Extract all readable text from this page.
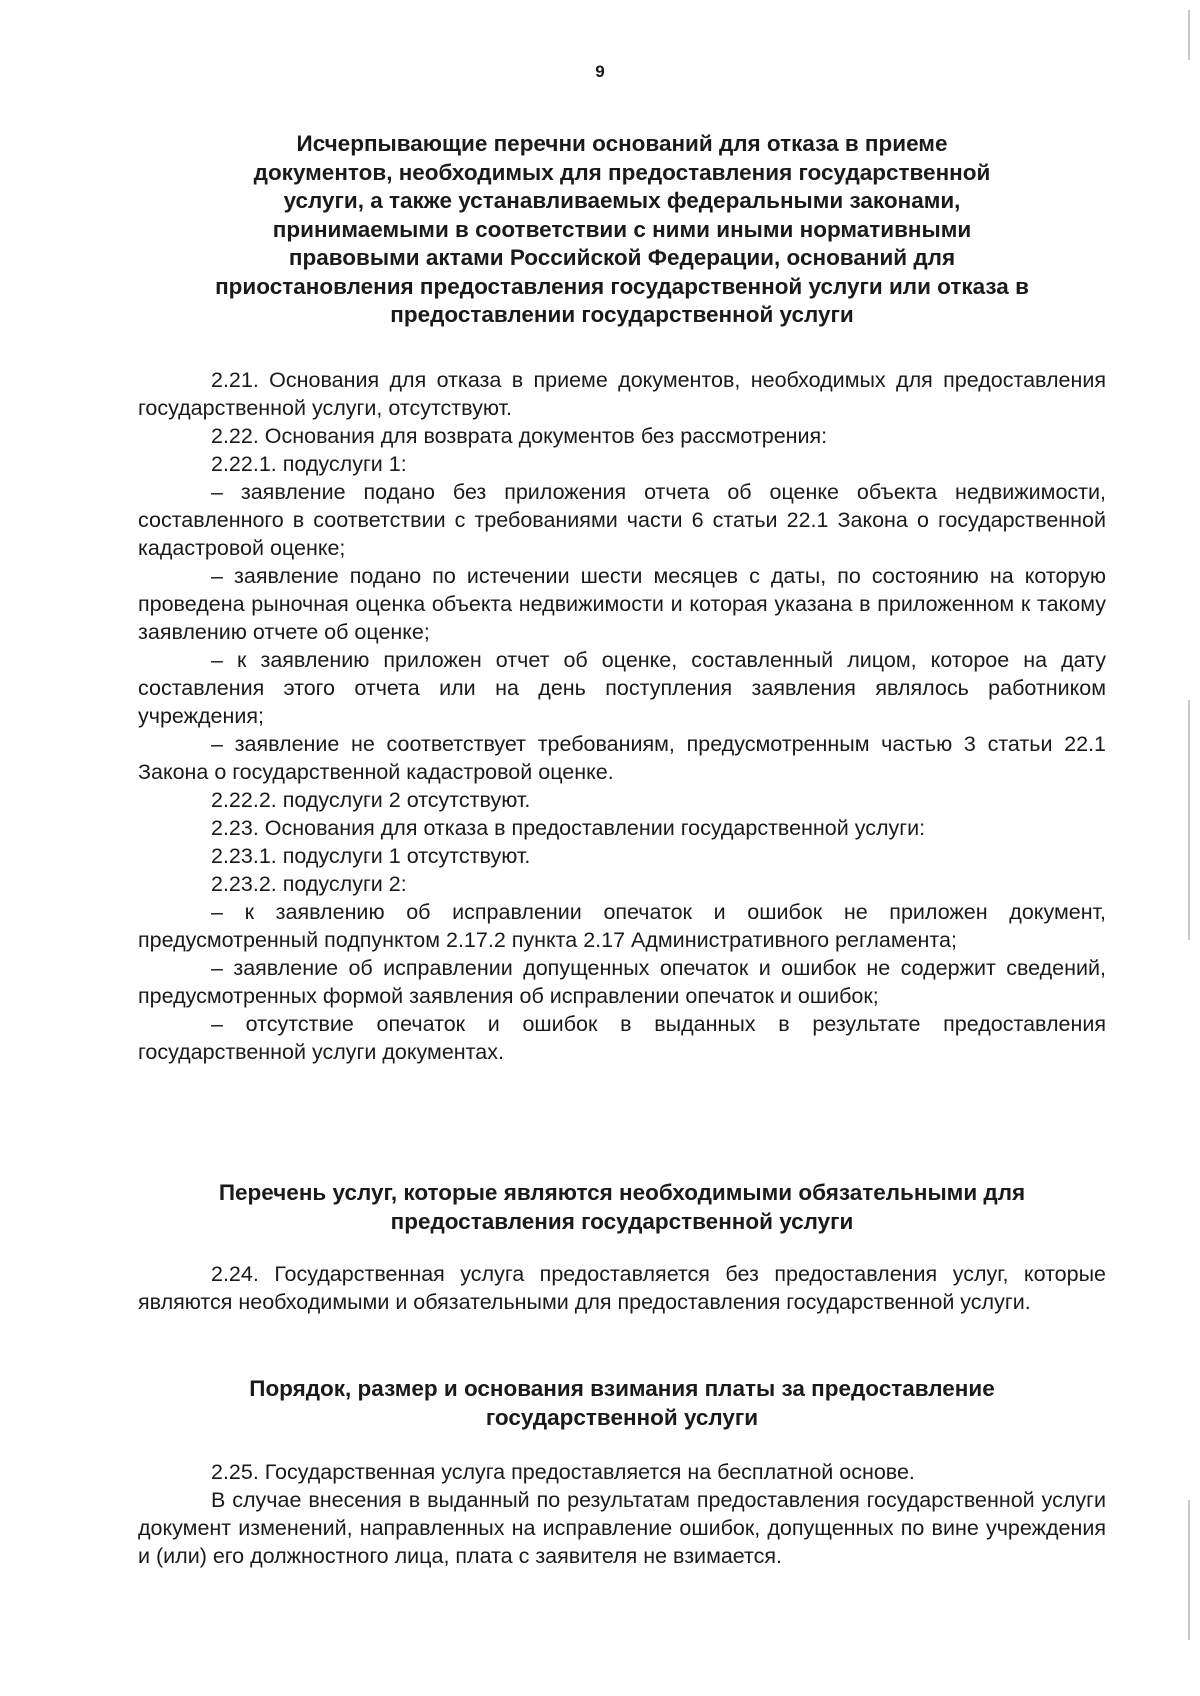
9

Исчерпывающие перечни оснований для отказа в приеме
документов, необходимых для предоставления государственной
услуги, а также устанавливаемых федеральными законами,
принимаемыми в соответствии с ними иными нормативными
правовыми актами Российской Федерации, оснований для
приостановления предоставления государственной услуги или отказа в
предоставлении государственной услуги

2.21. Основания для отказа в приеме документов, необходимых для предоставления государственной услуги, отсутствуют.

2.22. Основания для возврата документов без рассмотрения:

2.22.1. подуслуги 1:

– заявление подано без приложения отчета об оценке объекта недвижимости, составленного в соответствии с требованиями части 6 статьи 22.1 Закона о государственной кадастровой оценке;

– заявление подано по истечении шести месяцев с даты, по состоянию на которую проведена рыночная оценка объекта недвижимости и которая указана в приложенном к такому заявлению отчете об оценке;

– к заявлению приложен отчет об оценке, составленный лицом, которое на дату составления этого отчета или на день поступления заявления являлось работником учреждения;

– заявление не соответствует требованиям, предусмотренным частью 3 статьи 22.1 Закона о государственной кадастровой оценке.

2.22.2. подуслуги 2 отсутствуют.

2.23. Основания для отказа в предоставлении государственной услуги:

2.23.1. подуслуги 1 отсутствуют.

2.23.2. подуслуги 2:

– к заявлению об исправлении опечаток и ошибок не приложен документ, предусмотренный подпунктом 2.17.2 пункта 2.17 Административного регламента;

– заявление об исправлении допущенных опечаток и ошибок не содержит сведений, предусмотренных формой заявления об исправлении опечаток и ошибок;

– отсутствие опечаток и ошибок в выданных в результате предоставления государственной услуги документах.

Перечень услуг, которые являются необходимыми обязательными для
предоставления государственной услуги

2.24. Государственная услуга предоставляется без предоставления услуг, которые являются необходимыми и обязательными для предоставления государственной услуги.

Порядок, размер и основания взимания платы за предоставление
государственной услуги

2.25. Государственная услуга предоставляется на бесплатной основе.

В случае внесения в выданный по результатам предоставления государственной услуги документ изменений, направленных на исправление ошибок, допущенных по вине учреждения и (или) его должностного лица, плата с заявителя не взимается.
